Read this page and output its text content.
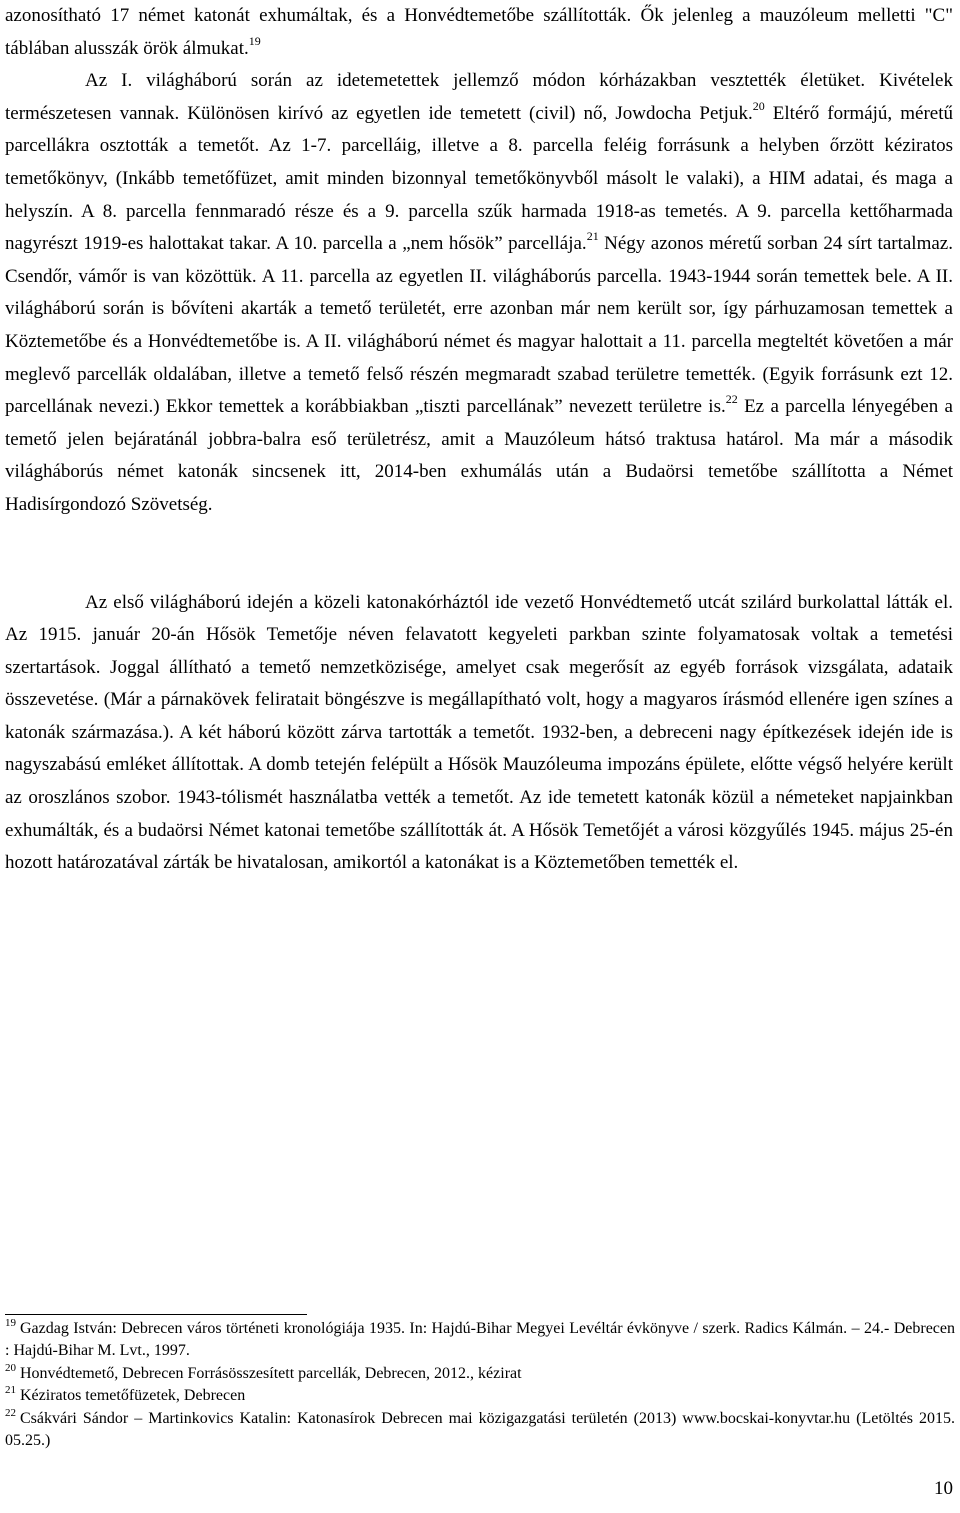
azonosítható 17 német katonát exhumáltak, és a Honvédtemetőbe szállították. Ők jelenleg a mauzóleum melletti "C" táblában alusszák örök álmukat.$^{19}$

Az I. világháború során az idetemetettek jellemző módon kórházakban vesztették életüket. Kivételek természetesen vannak. Különösen kirívó az egyetlen ide temetett (civil) nő, Jowdocha Petjuk.$^{20}$ Eltérő formájú, méretű parcellákra osztották a temetőt. Az 1-7. parcelláig, illetve a 8. parcella feléig forrásunk a helyben őrzött kéziratos temetőkönyv, (Inkább temetőfüzet, amit minden bizonnyal temetőkönyvből másolt le valaki), a HIM adatai, és maga a helyszín. A 8. parcella fennmaradó része és a 9. parcella szűk harmada 1918-as temetés. A 9. parcella kettőharmada nagyrészt 1919-es halottakat takar. A 10. parcella a „nem hősök” parcellája.$^{21}$ Négy azonos méretű sorban 24 sírt tartalmaz. Csendőr, vámőr is van közöttük. A 11. parcella az egyetlen II. világháborús parcella. 1943-1944 során temettek bele. A II. világháború során is bővíteni akarták a temető területét, erre azonban már nem került sor, így párhuzamosan temettek a Köztemetőbe és a Honvédtemetőbe is. A II. világháború német és magyar halottait a 11. parcella megteltét követően a már meglevő parcellák oldalában, illetve a temető felső részén megmaradt szabad területre temették. (Egyik forrásunk ezt 12. parcellának nevezi.) Ekkor temettek a korábbiakban „tiszti parcellának” nevezett területre is.$^{22}$ Ez a parcella lényegében a temető jelen bejáratánál jobbra-balra eső területrész, amit a Mauzóleum hátsó traktusa határol. Ma már a második világháborús német katonák sincsenek itt, 2014-ben exhumálás után a Budaörsi temetőbe szállította a Német Hadisírgondozó Szövetség.

Az első világháború idején a közeli katonakórháztól ide vezető Honvédtemető utcát szilárd burkolattal látták el. Az 1915. január 20-án Hősök Temetője néven felavatott kegyeleti parkban szinte folyamatosak voltak a temetési szertartások. Joggal állítható a temető nemzetközisége, amelyet csak megerősít az egyéb források vizsgálata, adataik összevetése. (Már a párnakövek feliratait böngészve is megállapítható volt, hogy a magyaros írásmód ellenére igen színes a katonák származása.). A két háború között zárva tartották a temetőt. 1932-ben, a debreceni nagy építkezések idején ide is nagyszabású emléket állítottak. A domb tetején felépült a Hősök Mauzóleuma impozáns épülete, előtte végső helyére került az oroszlános szobor. 1943-tólismét használatba vették a temetőt. Az ide temetett katonák közül a németeket napjainkban exhumálták, és a budaörsi Német katonai temetőbe szállították át. A Hősök Temetőjét a városi közgyűlés 1945. május 25-én hozott határozatával zárták be hivatalosan, amikortól a katonákat is a Köztemetőben temették el.

$^{19}$ Gazdag István: Debrecen város történeti kronológiája 1935. In: Hajdú-Bihar Megyei Levéltár évkönyve / szerk. Radics Kálmán. – 24.- Debrecen : Hajdú-Bihar M. Lvt., 1997.

$^{20}$ Honvédtemető, Debrecen Forrásösszesített parcellák, Debrecen, 2012., kézirat

$^{21}$ Kéziratos temetőfüzetek, Debrecen

$^{22}$ Csákvári Sándor – Martinkovics Katalin: Katonasírok Debrecen mai közigazgatási területén (2013) www.bocskai-konyvtar.hu (Letöltés 2015. 05.25.)

10
